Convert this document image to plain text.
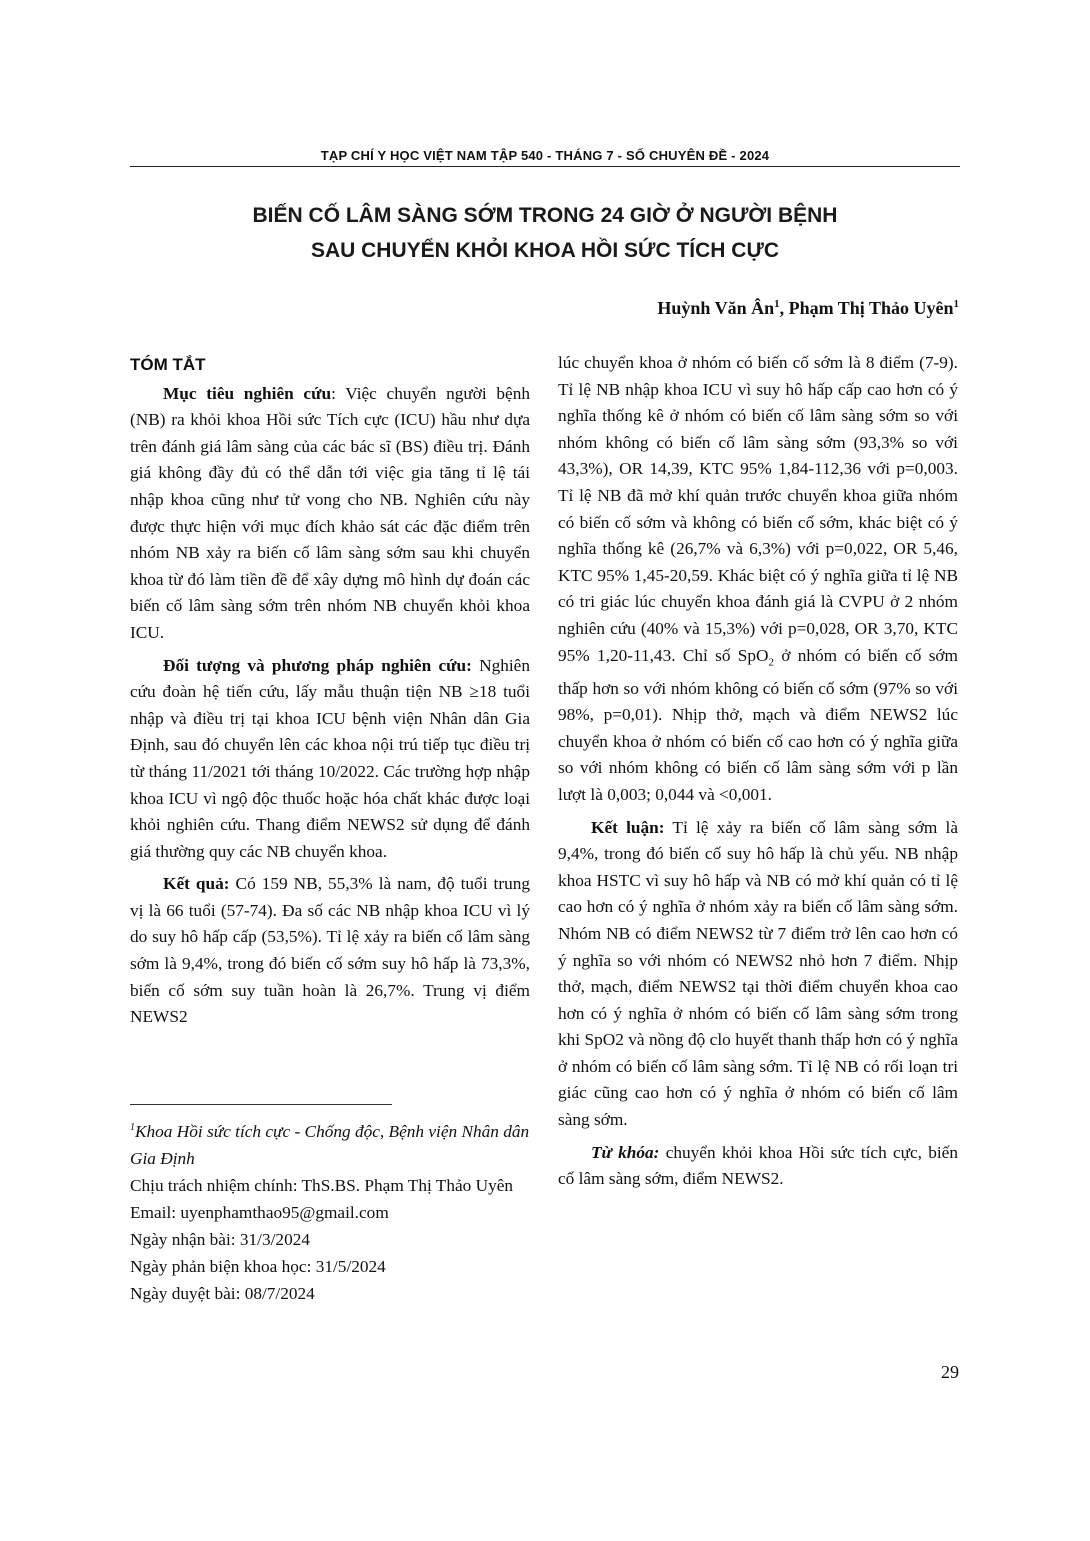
TẠP CHÍ Y HỌC VIỆT NAM TẬP 540 - THÁNG 7 - SỐ CHUYÊN ĐỀ - 2024
BIẾN CỐ LÂM SÀNG SỚM TRONG 24 GIỜ Ở NGƯỜI BỆNH
SAU CHUYỂN KHỎI KHOA HỒI SỨC TÍCH CỰC
Huỳnh Văn $Ân^1$, Phạm Thị Thảo Uyên$^1$
TÓM TẮT

Mục tiêu nghiên cứu: Việc chuyển người bệnh (NB) ra khỏi khoa Hồi sức Tích cực (ICU) hầu như dựa trên đánh giá lâm sàng của các bác sĩ (BS) điều trị. Đánh giá không đầy đủ có thể dẫn tới việc gia tăng tỉ lệ tái nhập khoa cũng như tử vong cho NB. Nghiên cứu này được thực hiện với mục đích khảo sát các đặc điểm trên nhóm NB xảy ra biến cố lâm sàng sớm sau khi chuyển khoa từ đó làm tiền đề để xây dựng mô hình dự đoán các biến cố lâm sàng sớm trên nhóm NB chuyển khỏi khoa ICU.

Đối tượng và phương pháp nghiên cứu: Nghiên cứu đoàn hệ tiến cứu, lấy mẫu thuận tiện NB ≥18 tuổi nhập và điều trị tại khoa ICU bệnh viện Nhân dân Gia Định, sau đó chuyển lên các khoa nội trú tiếp tục điều trị từ tháng 11/2021 tới tháng 10/2022. Các trường hợp nhập khoa ICU vì ngộ độc thuốc hoặc hóa chất khác được loại khỏi nghiên cứu. Thang điểm NEWS2 sử dụng để đánh giá thường quy các NB chuyển khoa.

Kết quả: Có 159 NB, 55,3% là nam, độ tuổi trung vị là 66 tuổi (57-74). Đa số các NB nhập khoa ICU vì lý do suy hô hấp cấp (53,5%). Tỉ lệ xảy ra biến cố lâm sàng sớm là 9,4%, trong đó biến cố sớm suy hô hấp là 73,3%, biến cố sớm suy tuần hoàn là 26,7%. Trung vị điểm NEWS2

$^1$Khoa Hồi sức tích cực - Chống độc, Bệnh viện Nhân dân Gia Định
Chịu trách nhiệm chính: ThS.BS. Phạm Thị Thảo Uyên
Email: uyenphamthao95@gmail.com
Ngày nhận bài: 31/3/2024
Ngày phản biện khoa học: 31/5/2024
Ngày duyệt bài: 08/7/2024

lúc chuyển khoa ở nhóm có biến cố sớm là 8 điểm (7-9). Tỉ lệ NB nhập khoa ICU vì suy hô hấp cấp cao hơn có ý nghĩa thống kê ở nhóm có biến cố lâm sàng sớm so với nhóm không có biến cố lâm sàng sớm (93,3% so với 43,3%), OR 14,39, KTC 95% 1,84-112,36 với p=0,003. Tỉ lệ NB đã mở khí quản trước chuyển khoa giữa nhóm có biến cố sớm và không có biến cố sớm, khác biệt có ý nghĩa thống kê (26,7% và 6,3%) với p=0,022, OR 5,46, KTC 95% 1,45-20,59. Khác biệt có ý nghĩa giữa tỉ lệ NB có tri giác lúc chuyển khoa đánh giá là CVPU ở 2 nhóm nghiên cứu (40% và 15,3%) với p=0,028, OR 3,70, KTC 95% 1,20-11,43. Chỉ số SpO$_2$ ở nhóm có biến cố sớm thấp hơn so với nhóm không có biến cố sớm (97% so với 98%, p=0,01). Nhịp thở, mạch và điểm NEWS2 lúc chuyển khoa ở nhóm có biến cố cao hơn có ý nghĩa giữa so với nhóm không có biến cố lâm sàng sớm với p lần lượt là 0,003; 0,044 và <0,001.

Kết luận: Tỉ lệ xảy ra biến cố lâm sàng sớm là 9,4%, trong đó biến cố suy hô hấp là chủ yếu. NB nhập khoa HSTC vì suy hô hấp và NB có mở khí quản có tỉ lệ cao hơn có ý nghĩa ở nhóm xảy ra biến cố lâm sàng sớm. Nhóm NB có điểm NEWS2 từ 7 điểm trở lên cao hơn có ý nghĩa so với nhóm có NEWS2 nhỏ hơn 7 điểm. Nhịp thở, mạch, điểm NEWS2 tại thời điểm chuyển khoa cao hơn có ý nghĩa ở nhóm có biến cố lâm sàng sớm trong khi SpO2 và nồng độ clo huyết thanh thấp hơn có ý nghĩa ở nhóm có biến cố lâm sàng sớm. Tỉ lệ NB có rối loạn tri giác cũng cao hơn có ý nghĩa ở nhóm có biến cố lâm sàng sớm.

Từ khóa: chuyển khỏi khoa Hồi sức tích cực, biến cố lâm sàng sớm, điểm NEWS2.

29
